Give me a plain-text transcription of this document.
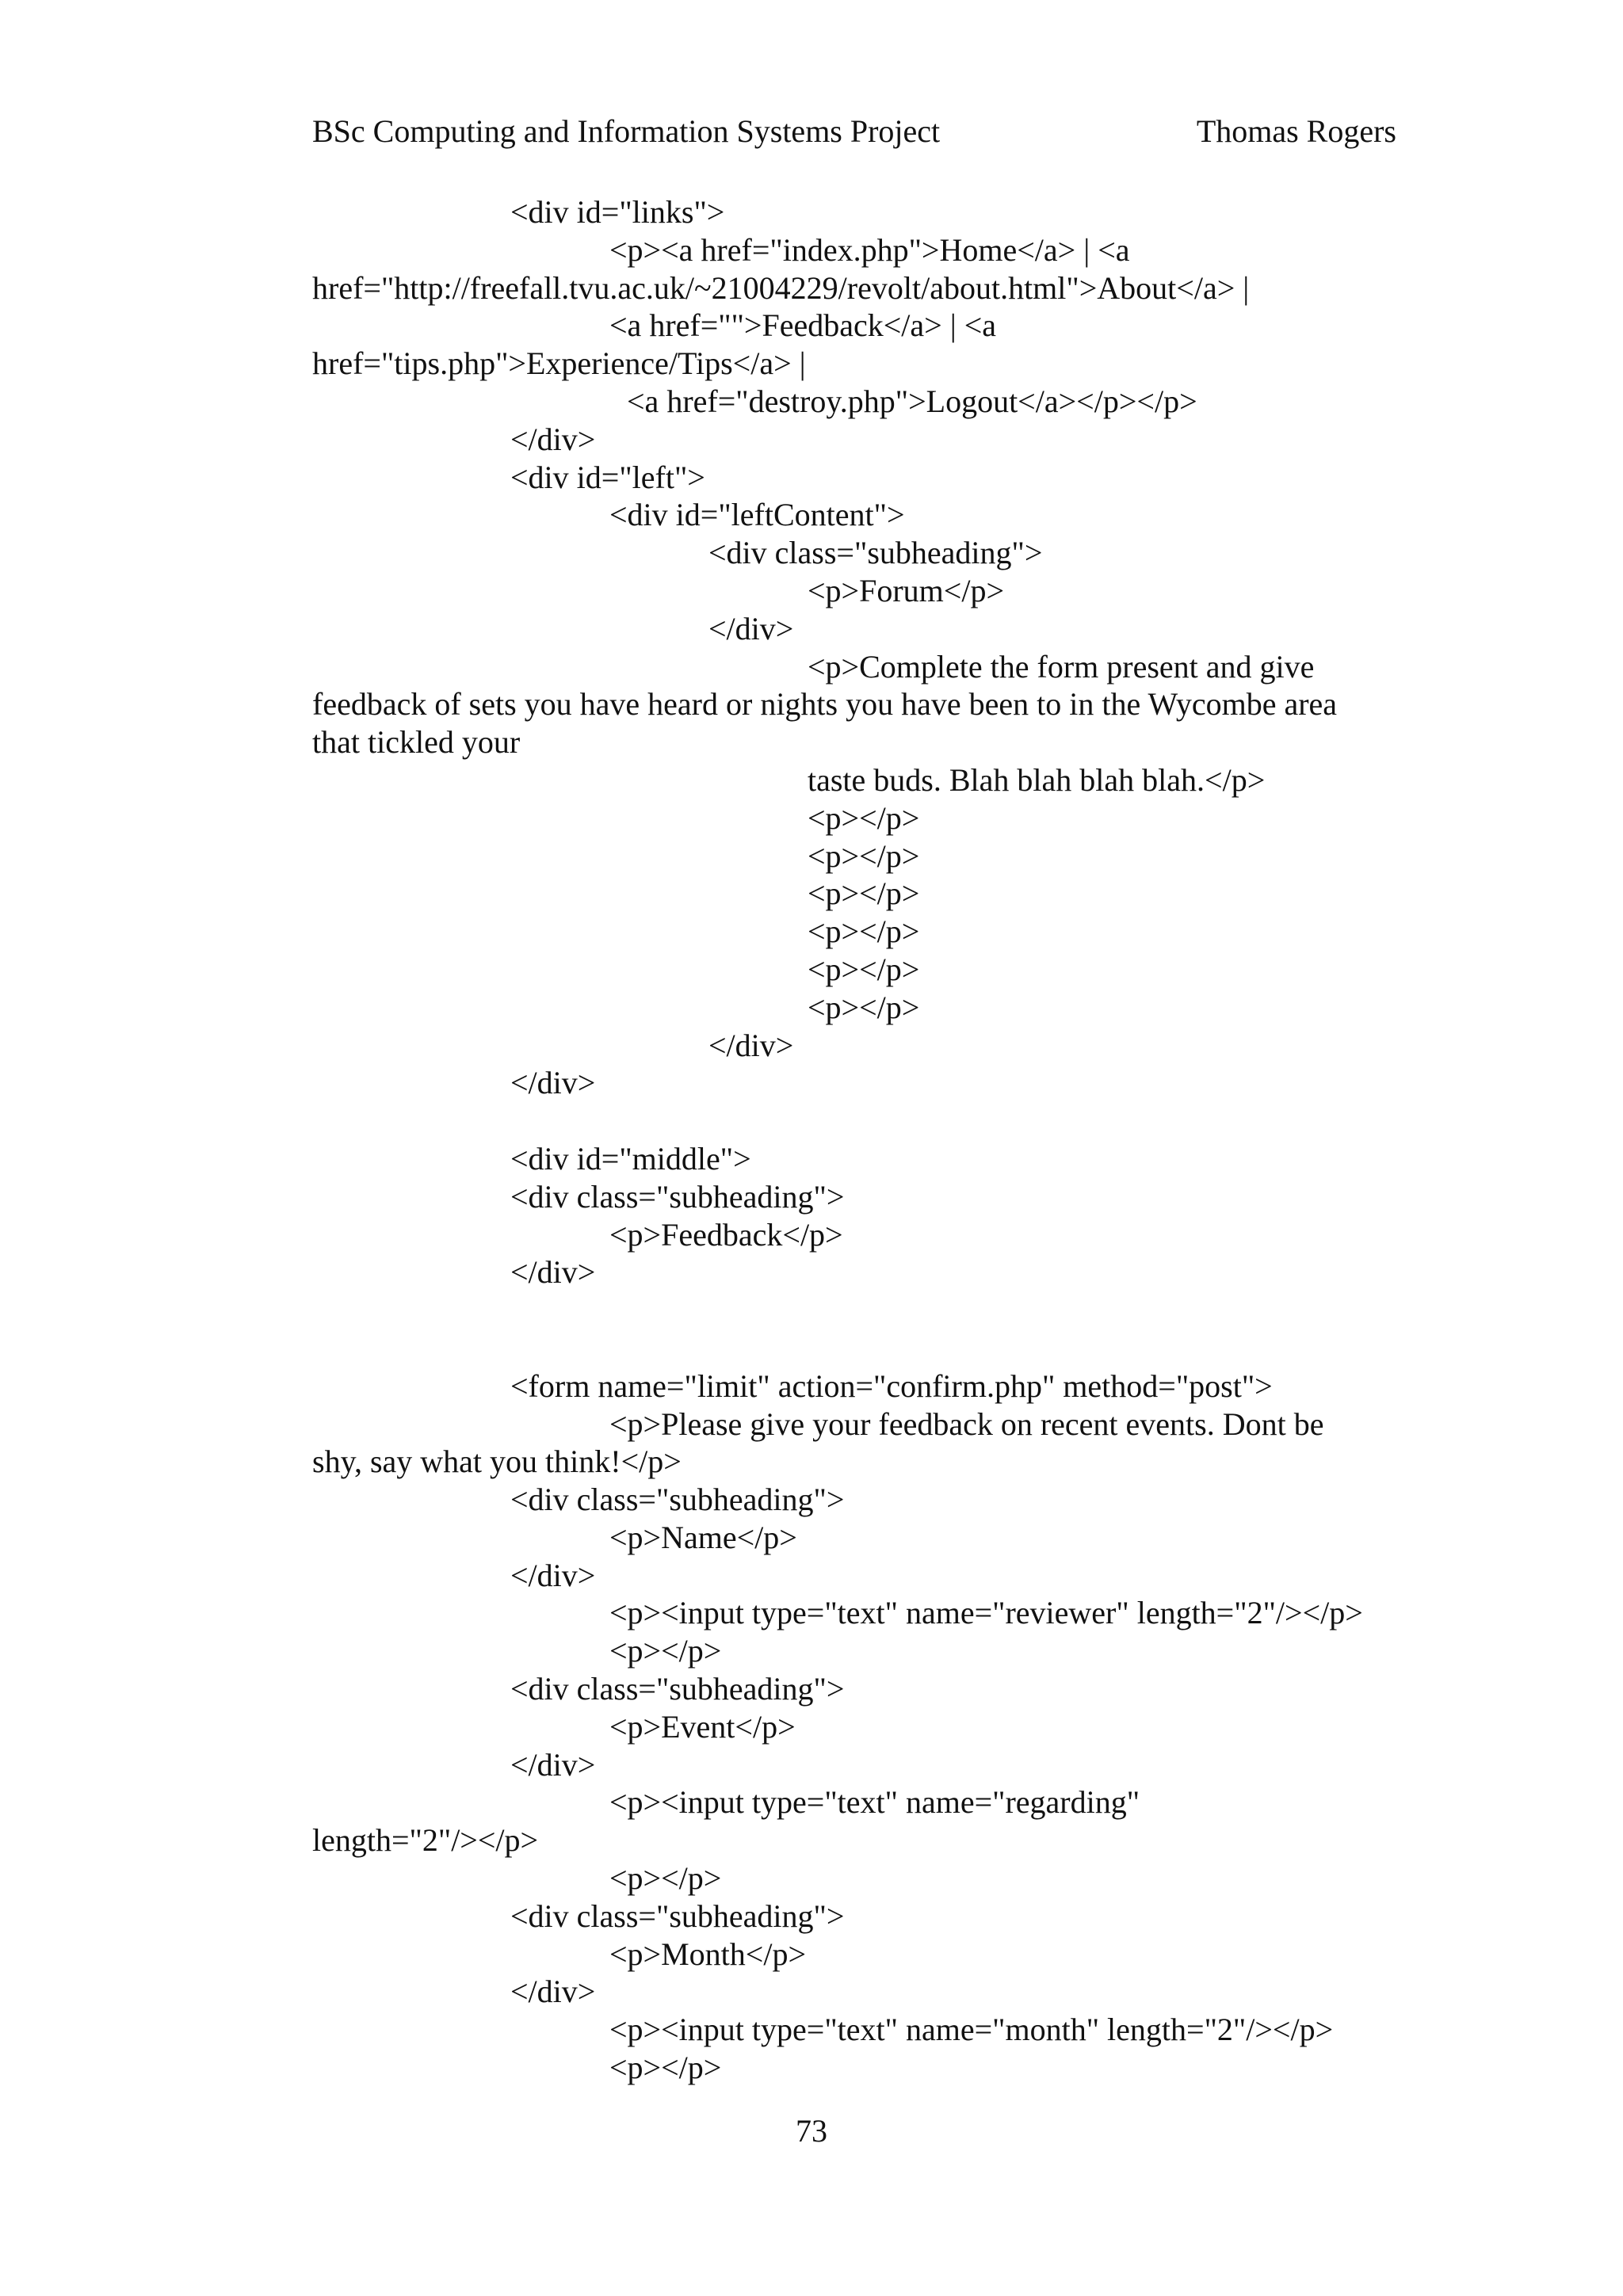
BSc Computing and Information Systems Project	Thomas Rogers
<div id="links">
<p><a href="index.php">Home</a> | <a
href="http://freefall.tvu.ac.uk/~21004229/revolt/about.html">About</a> |
<a href="">Feedback</a> | <a
href="tips.php">Experience/Tips</a> |
<a href="destroy.php">Logout</a></p></p>
</div>
<div id="left">
<div id="leftContent">
<div class="subheading">
<p>Forum</p>
</div>
<p>Complete the form present and give
feedback of sets you have heard or nights you have been to in the Wycombe area
that tickled your
taste buds. Blah blah blah blah.</p>
<p></p>
<p></p>
<p></p>
<p></p>
<p></p>
<p></p>
</div>
</div>
<div id="middle">
<div class="subheading">
<p>Feedback</p>
</div>
<form name="limit" action="confirm.php" method="post">
<p>Please give your feedback on recent events. Dont be
shy, say what you think!</p>
<div class="subheading">
<p>Name</p>
</div>
<p><input type="text" name="reviewer" length="2"/></p>
<p></p>
<div class="subheading">
<p>Event</p>
</div>
<p><input type="text" name="regarding"
length="2"/></p>
<p></p>
<div class="subheading">
<p>Month</p>
</div>
<p><input type="text" name="month" length="2"/></p>
<p></p>
73
